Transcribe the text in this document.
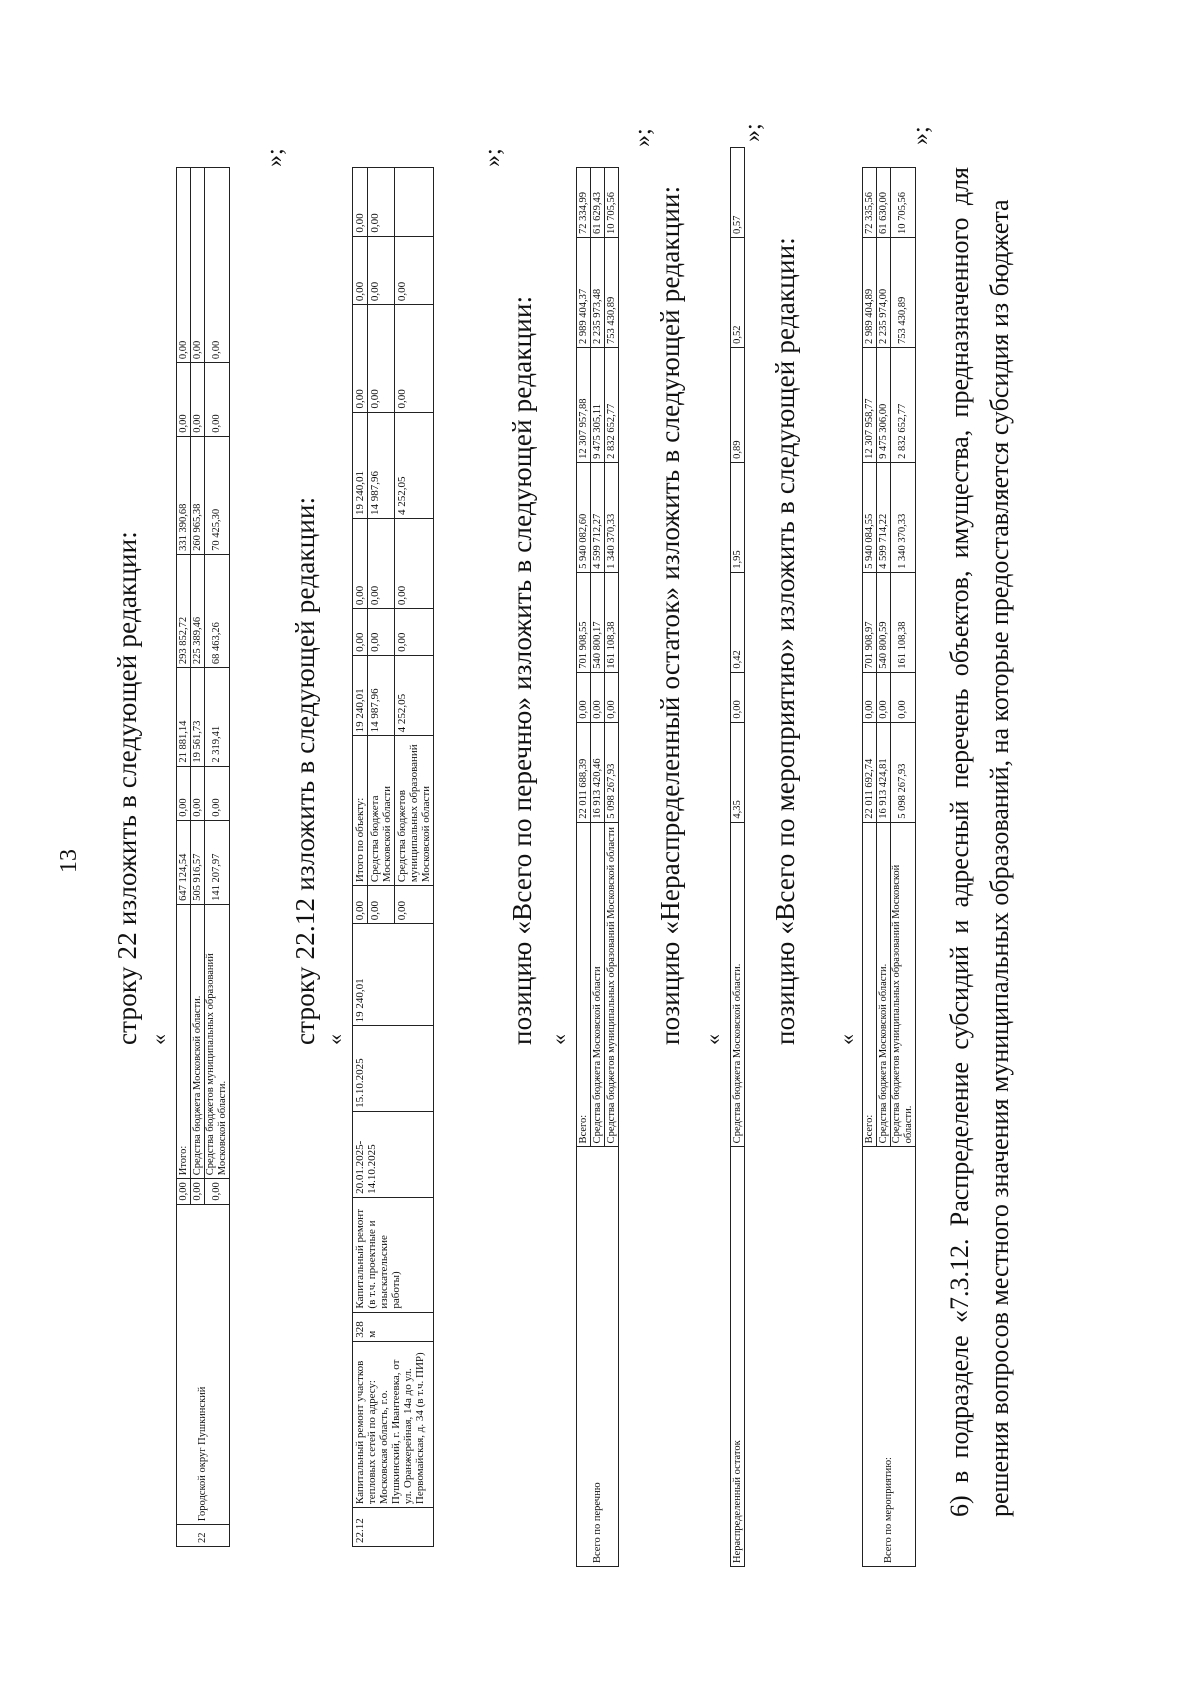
13 строку 22 изложить в следующей редакции: «
22	Городской округ Пушкинский	0,00	Итого:	647 124,54	0,00	21 881,14	293 852,72	331 390,68	0,00	0,00
		0,00	Средства бюджета Московской области.	505 916,57	0,00	19 561,73	225 389,46	260 965,38	0,00	0,00
		0,00	Средства бюджетов муниципальных образований Московской области.	141 207,97	0,00	2 319,41	68 463,26	70 425,30	0,00	0,00
»;
строку 22.12 изложить в следующей редакции: «
22.12	Капитальный ремонт участков тепловых сетей по адресу: Московская область, г.о. Пушкинский, г. Ивантеевка, от ул. Оранжерейная, 14а до ул. Первомайская, д. 34 (в т.ч. ПИР)	328 м	Капитальный ремонт (в т.ч. проектные и изыскательские работы)	20.01.2025-14.10.2025	15.10.2025	19 240,01	0,00	Итого по объекту:	19 240,01	0,00	0,00	19 240,01	0,00	0,00	0,00
							0,00	Средства бюджета Московской области	14 987,96	0,00	0,00	14 987,96	0,00	0,00	0,00
							0,00	Средства бюджетов муниципальных образований Московской области	4 252,05	0,00	0,00	4 252,05	0,00	0,00	
»;
позицию «Всего по перечню» изложить в следующей редакции: «
Всего по перечню	Всего:	22 011 688,39	0,00	701 908,55	5 940 082,60	12 307 957,88	2 989 404,37	72 334,99
	Средства бюджета Московской области	16 913 420,46	0,00	540 800,17	4 599 712,27	9 475 305,11	2 235 973,48	61 629,43
	Средства бюджетов муниципальных образований Московской области	5 098 267,93	0,00	161 108,38	1 340 370,33	2 832 652,77	753 430,89	10 705,56
»;
позицию «Нераспределенный остаток» изложить в следующей редакции: «
Нераспределенный остаток	Средства бюджета Московской области.	4,35	0,00	0,42	1,95	0,89	0,52	0,57
»;
позицию «Всего по мероприятию» изложить в следующей редакции: «
Всего по мероприятию:	Всего:	22 011 692,74	0,00	701 908,97	5 940 084,55	12 307 958,77	2 989 404,89	72 335,56
	Средства бюджета Московской области.	16 913 424,81	0,00	540 800,59	4 599 714,22	9 475 306,00	2 235 974,00	61 630,00
	Средства бюджетов муниципальных образований Московской области.	5 098 267,93	0,00	161 108,38	1 340 370,33	2 832 652,77	753 430,89	10 705,56
»;
6) в подразделе «7.3.12. Распределение субсидий и адресный перечень объектов, имущества, предназначенного для решения вопросов местного значения муниципальных образований, на которые предоставляется субсидия из бюджета
